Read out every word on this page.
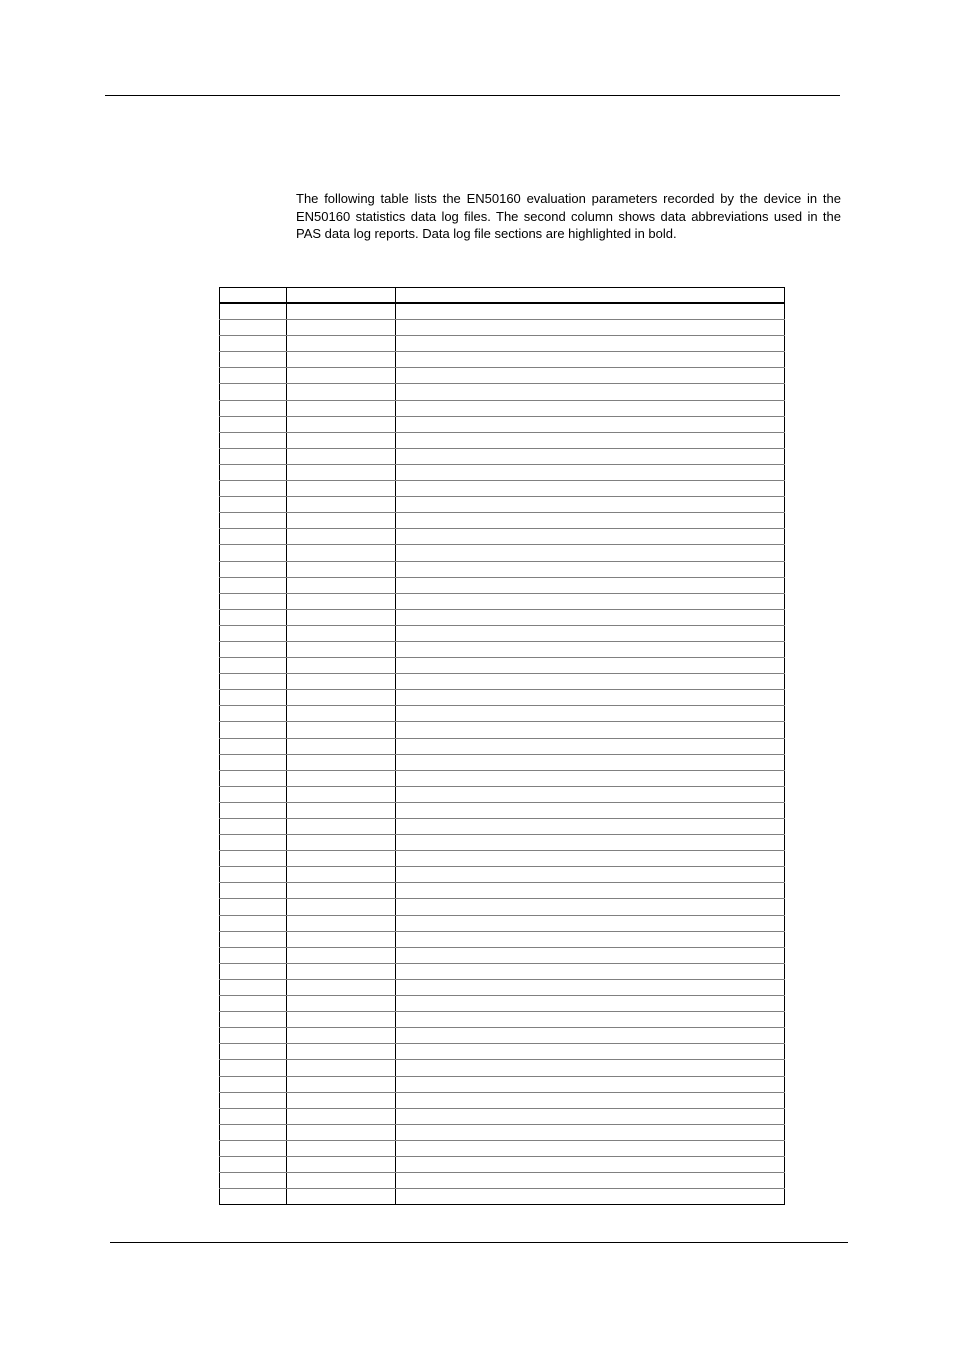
The following table lists the EN50160 evaluation parameters recorded by the device in the EN50160 statistics data log files. The second column shows data abbreviations used in the PAS data log reports. Data log file sections are highlighted in bold.
